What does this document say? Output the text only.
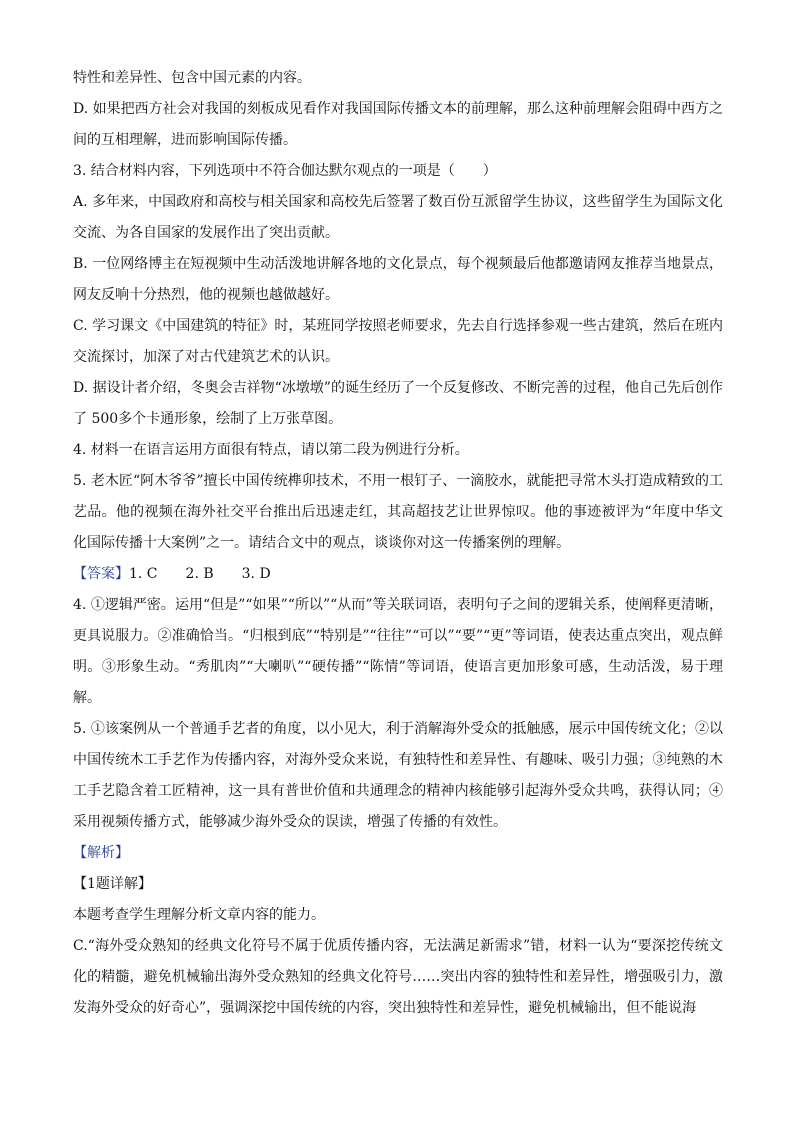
特性和差异性、包含中国元素的内容。

D. 如果把西方社会对我国的刻板成见看作对我国国际传播文本的前理解，那么这种前理解会阻碍中西方之间的互相理解，进而影响国际传播。

3. 结合材料内容，下列选项中不符合伽达默尔观点的一项是（　　）

A. 多年来，中国政府和高校与相关国家和高校先后签署了数百份互派留学生协议，这些留学生为国际文化交流、为各自国家的发展作出了突出贡献。

B. 一位网络博主在短视频中生动活泼地讲解各地的文化景点，每个视频最后他都邀请网友推荐当地景点，网友反响十分热烈，他的视频也越做越好。

C. 学习课文《中国建筑的特征》时，某班同学按照老师要求，先去自行选择参观一些古建筑，然后在班内交流探讨，加深了对古代建筑艺术的认识。

D. 据设计者介绍，冬奥会吉祥物“冰墩墩”的诞生经历了一个反复修改、不断完善的过程，他自己先后创作了 500多个卡通形象，绘制了上万张草图。

4. 材料一在语言运用方面很有特点，请以第二段为例进行分析。

5. 老木匠“阿木爷爷”擅长中国传统榫卯技术，不用一根钉子、一滴胶水，就能把寻常木头打造成精致的工艺品。他的视频在海外社交平台推出后迅速走红，其高超技艺让世界惊叹。他的事迹被评为“年度中华文化国际传播十大案例”之一。请结合文中的观点，谈谈你对这一传播案例的理解。

【答案】1. C 2. B 3. D

4. ①逻辑严密。运用“但是”“如果”“所以”“从而”等关联词语，表明句子之间的逻辑关系，使阐释更清晰，更具说服力。②准确恰当。“归根到底”“特别是”“往往”“可以”“要”“更”等词语，使表达重点突出，观点鲜明。③形象生动。“秀肌肉”“大喇叭”“硬传播”“陈情”等词语，使语言更加形象可感，生动活泼，易于理解。

5. ①该案例从一个普通手艺者的角度，以小见大，利于消解海外受众的抵触感，展示中国传统文化；②以中国传统木工手艺作为传播内容，对海外受众来说，有独特性和差异性、有趣味、吸引力强；③纯熟的木工手艺隐含着工匠精神，这一具有普世价值和共通理念的精神内核能够引起海外受众共鸣，获得认同；④采用视频传播方式，能够减少海外受众的误读，增强了传播的有效性。

【解析】

【1题详解】

本题考查学生理解分析文章内容的能力。

C.“海外受众熟知的经典文化符号不属于优质传播内容，无法满足新需求”错，材料一认为“要深挖传统文化的精髓，避免机械输出海外受众熟知的经典文化符号……突出内容的独特性和差异性，增强吸引力，激发海外受众的好奇心”，强调深挖中国传统的内容，突出独特性和差异性，避免机械输出，但不能说海
